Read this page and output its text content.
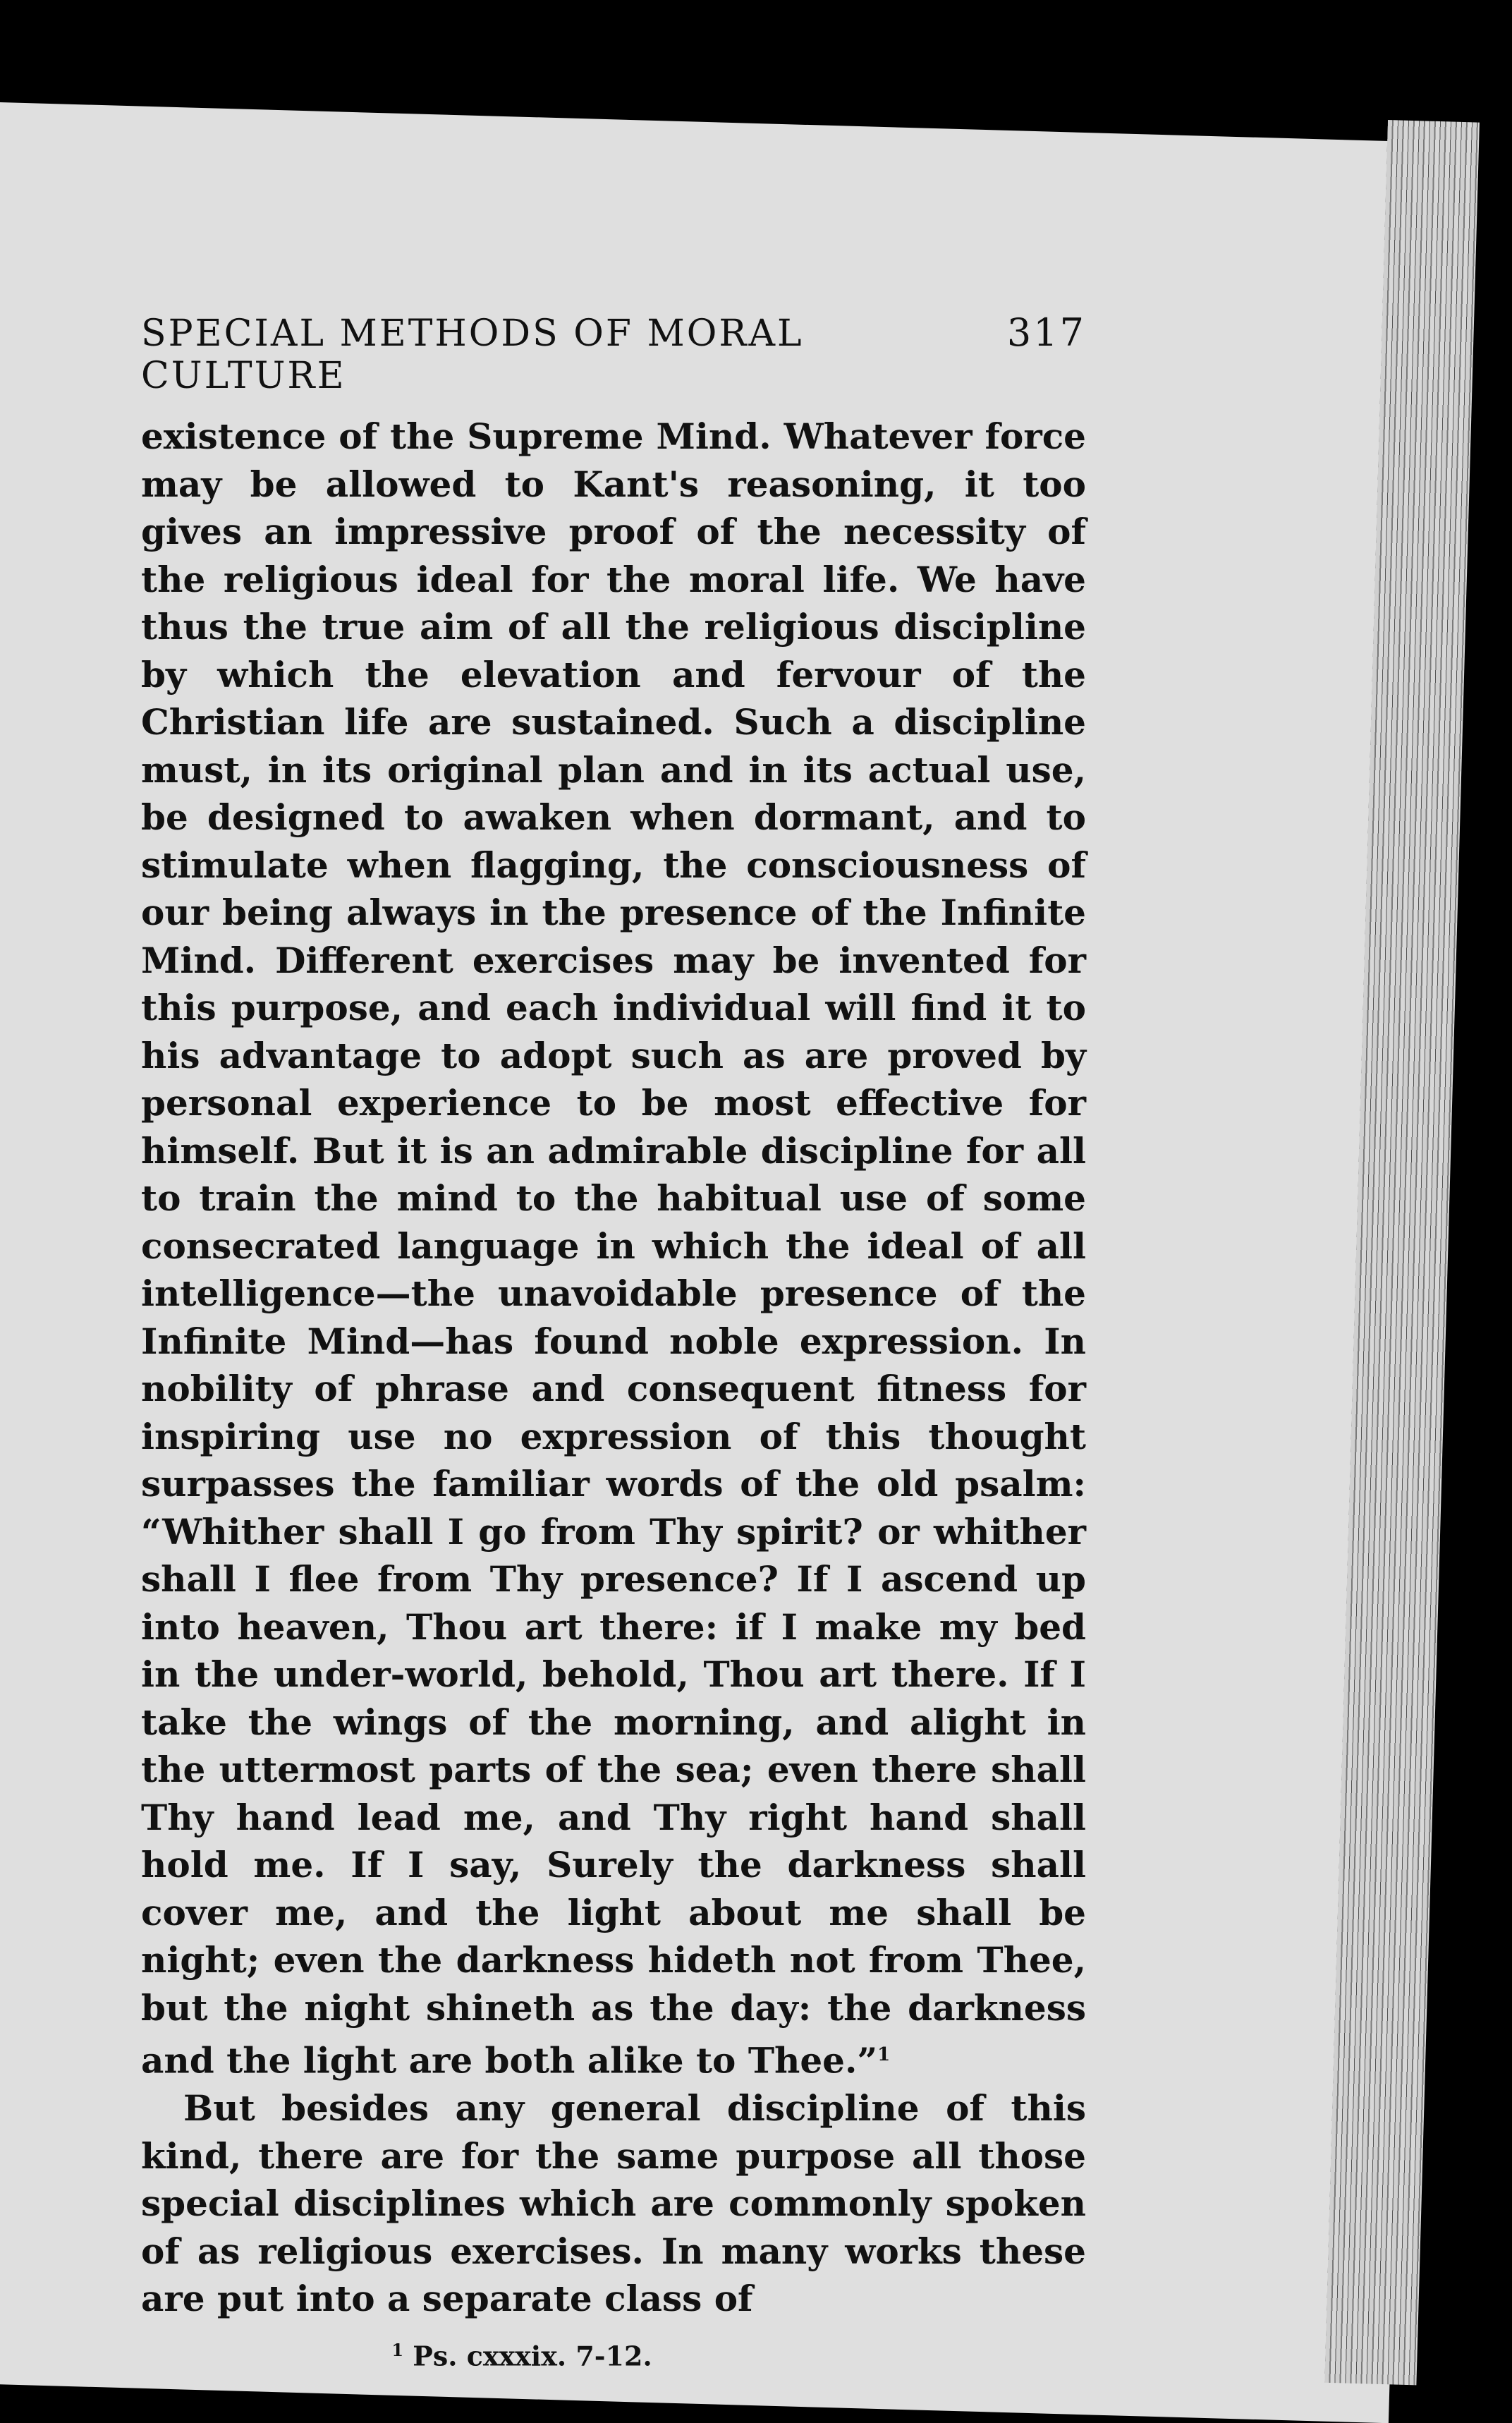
SPECIAL METHODS OF MORAL CULTURE
317

existence of the Supreme Mind. Whatever force may be allowed to Kant's reasoning, it too gives an impressive proof of the necessity of the religious ideal for the moral life. We have thus the true aim of all the religious discipline by which the elevation and fervour of the Christian life are sustained. Such a discipline must, in its original plan and in its actual use, be designed to awaken when dormant, and to stimulate when flagging, the consciousness of our being always in the presence of the Infinite Mind. Different exercises may be invented for this purpose, and each individual will find it to his advantage to adopt such as are proved by personal experience to be most effective for himself. But it is an admirable discipline for all to train the mind to the habitual use of some consecrated language in which the ideal of all intelligence—the unavoidable presence of the Infinite Mind—has found noble expression. In nobility of phrase and consequent fitness for inspiring use no expression of this thought surpasses the familiar words of the old psalm: “Whither shall I go from Thy spirit? or whither shall I flee from Thy presence? If I ascend up into heaven, Thou art there: if I make my bed in the under-world, behold, Thou art there. If I take the wings of the morning, and alight in the uttermost parts of the sea; even there shall Thy hand lead me, and Thy right hand shall hold me. If I say, Surely the darkness shall cover me, and the light about me shall be night; even the darkness hideth not from Thee, but the night shineth as the day: the darkness and the light are both alike to Thee.”$^1$

But besides any general discipline of this kind, there are for the same purpose all those special disciplines which are commonly spoken of as religious exercises. In many works these are put into a separate class of

$^1$ Ps. cxxxix. 7-12.
